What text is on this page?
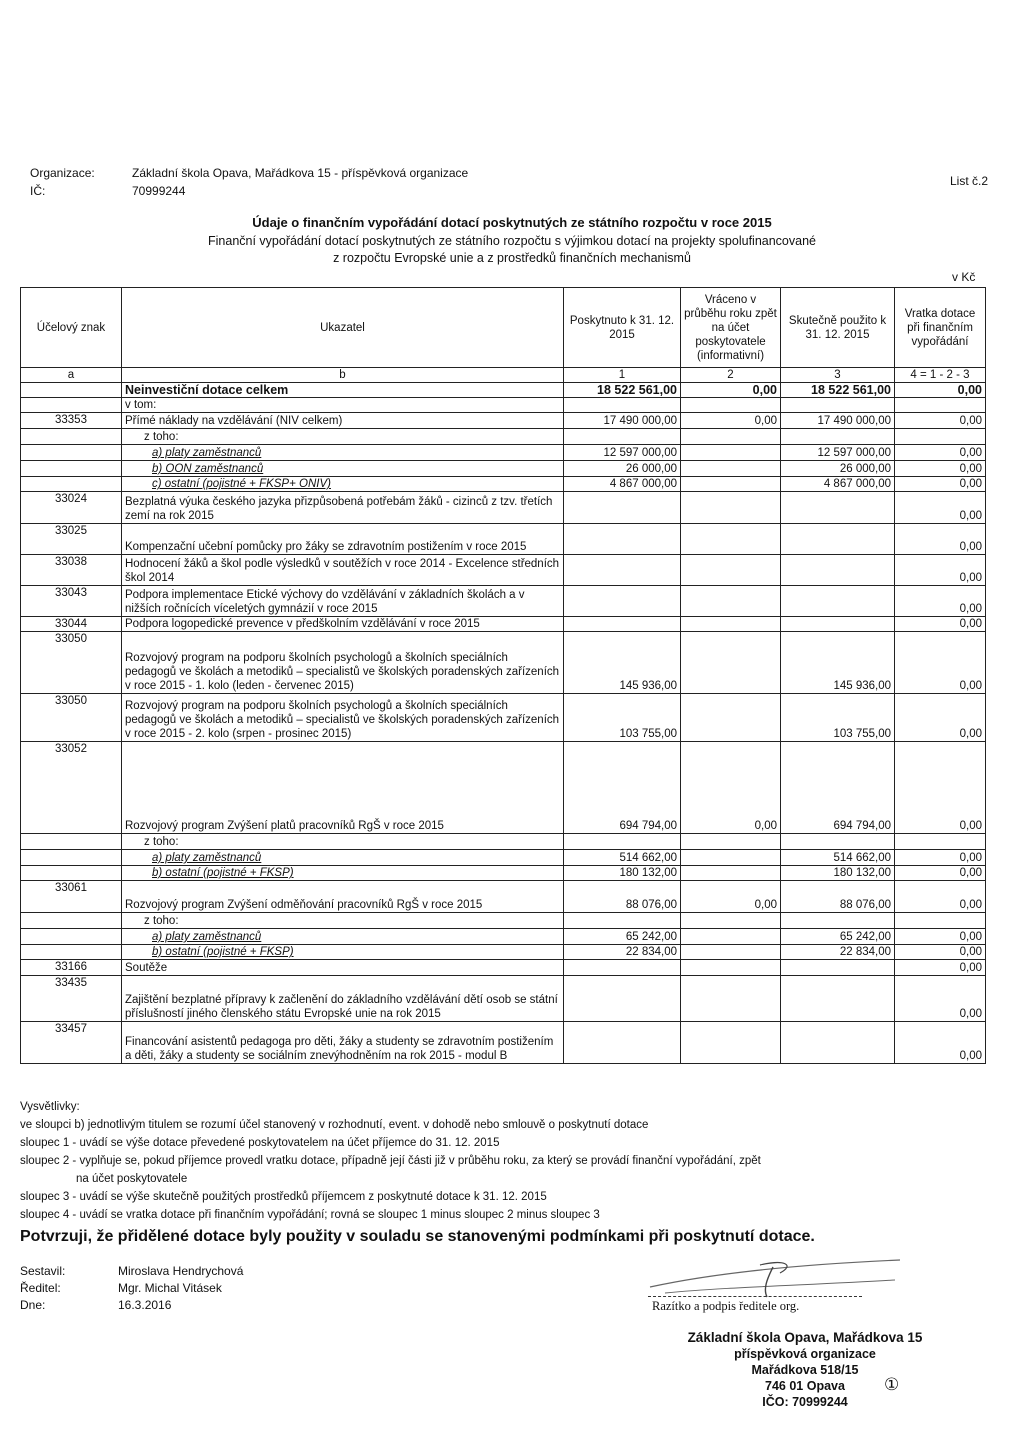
Organizace:	Základní škola Opava, Mařádkova 15 - příspěvková organizace
IČ:	70999244
List č.2
Údaje o finančním vypořádání dotací poskytnutých ze státního rozpočtu v roce 2015
Finanční vypořádání dotací poskytnutých ze státního rozpočtu s výjimkou dotací na projekty spolufinancované
z rozpočtu Evropské unie a z prostředků finančních mechanismů
v Kč
Účelový znak	Ukazatel	Poskytnuto k 31. 12. 2015	Vráceno v průběhu roku zpět na účet poskytovatele (informativní)	Skutečně použito k 31. 12. 2015	Vratka dotace při finančním vypořádání
a	b	1	2	3	4 = 1 - 2 - 3
	Neinvestiční dotace celkem	18 522 561,00	0,00	18 522 561,00	0,00
	v tom:				
33353	Přímé náklady na vzdělávání (NIV celkem)	17 490 000,00	0,00	17 490 000,00	0,00
	z toho:				
	a) platy zaměstnanců	12 597 000,00		12 597 000,00	0,00
	b) OON zaměstnanců	26 000,00		26 000,00	0,00
	c) ostatní (pojistné + FKSP+ ONIV)	4 867 000,00		4 867 000,00	0,00
33024	Bezplatná výuka českého jazyka přizpůsobená potřebám žáků - cizinců z tzv. třetích zemí na rok 2015				0,00
33025	Kompenzační učební pomůcky pro žáky se zdravotním postižením v roce 2015				0,00
33038	Hodnocení žáků a škol podle výsledků v soutěžích v roce 2014 - Excelence středních škol 2014				0,00
33043	Podpora implementace Etické výchovy do vzdělávání v základních školách a v nižších ročnících víceletých gymnázií v roce 2015				0,00
33044	Podpora logopedické prevence v předškolním vzdělávání v roce 2015				0,00
33050	Rozvojový program na podporu školních psychologů a školních speciálních pedagogů ve školách a metodiků – specialistů ve školských poradenských zařízeních v roce 2015 - 1. kolo (leden - červenec 2015)	145 936,00		145 936,00	0,00
33050	Rozvojový program na podporu školních psychologů a školních speciálních pedagogů ve školách a metodiků – specialistů ve školských poradenských zařízeních v roce 2015 - 2. kolo (srpen - prosinec 2015)	103 755,00		103 755,00	0,00
33052	Rozvojový program Zvýšení platů pracovníků RgŠ v roce 2015	694 794,00	0,00	694 794,00	0,00
	z toho:				
	a) platy zaměstnanců	514 662,00		514 662,00	0,00
	b) ostatní (pojistné + FKSP)	180 132,00		180 132,00	0,00
33061	Rozvojový program Zvýšení odměňování pracovníků RgŠ v roce 2015	88 076,00	0,00	88 076,00	0,00
	z toho:				
	a) platy zaměstnanců	65 242,00		65 242,00	0,00
	b) ostatní (pojistné + FKSP)	22 834,00		22 834,00	0,00
33166	Soutěže				0,00
33435	Zajištění bezplatné přípravy k začlenění do základního vzdělávání dětí osob se státní příslušností jiného členského státu Evropské unie na rok 2015				0,00
33457	Financování asistentů pedagoga pro děti, žáky a studenty se zdravotním postižením a děti, žáky a studenty se sociálním znevýhodněním na rok 2015 - modul B				0,00
Vysvětlivky:
ve sloupci b) jednotlivým titulem se rozumí účel stanovený v rozhodnutí, event. v dohodě nebo smlouvě o poskytnutí dotace
sloupec 1 - uvádí se výše dotace převedené poskytovatelem na účet příjemce do 31. 12. 2015
sloupec 2 - vyplňuje se, pokud příjemce provedl vratku dotace, případně její části již v průběhu roku, za který se provádí finanční vypořádání, zpět
na účet poskytovatele
sloupec 3 - uvádí se výše skutečně použitých prostředků příjemcem z poskytnuté dotace k 31. 12. 2015
sloupec 4 - uvádí se vratka dotace při finančním vypořádání; rovná se sloupec 1 minus sloupec 2 minus sloupec 3
Potvrzuji, že přidělené dotace byly použity v souladu se stanovenými podmínkami při poskytnutí dotace.
Sestavil:	Miroslava Hendrychová
Ředitel:	Mgr. Michal Vitásek
Dne:	16.3.2016	Razítko a podpis ředitele org.
Základní škola Opava, Mařádkova 15
příspěvková organizace
Mařádkova 518/15
746 01 Opava
IČO: 70999244
①
